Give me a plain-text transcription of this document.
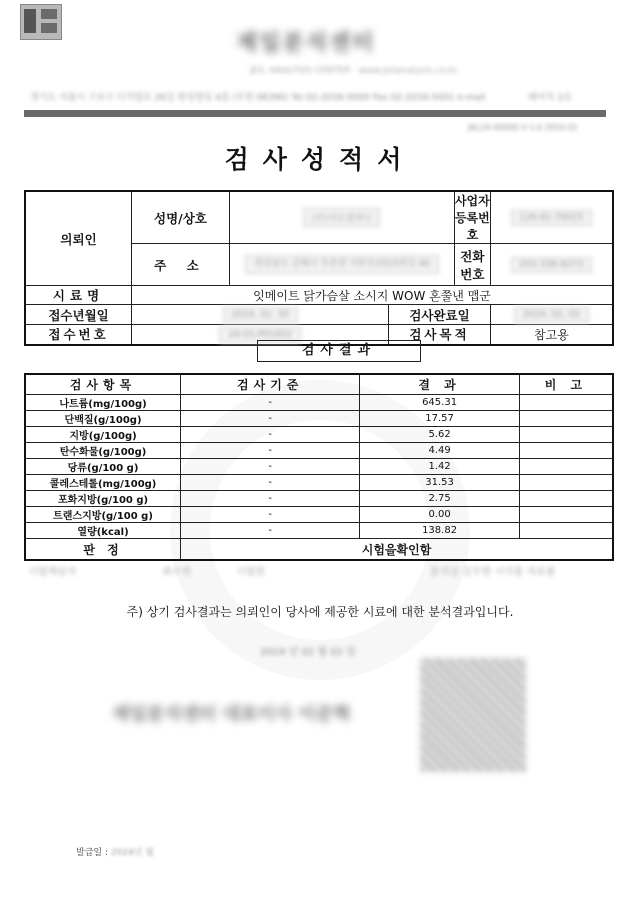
제일분석센터
JEIL ANALYSIS CENTER · www.jeilanalysis.co.kr
경기도 서울시 구로구 디지털로 26길 한성빌딩 4층 (우편 08390) Tel 02-2034-5000 Fax 02-2034-5001 e-mail	페이지 1/1
JAL24-00000 V 1.0 2024.02
검사성적서
의뢰인	성명/상호	(주)지오컴퍼니		사업자등록번호	126-81-76015
	주 소	경상남도 김해시 주촌면 서부로1515번길 40		전화번호	055-338-8273
시료명	잇메이트 닭가슴살 소시지 WOW 혼쭐낸 맵군				
접수년월일	2024. 01. 30		검사완료일		2024. 02. 02
접수번호	24-01-P01452		검사목적		참고용
검사결과
검사항목	검사기준	결 과	비 고
나트륨(mg/100g)	-	645.31	
단백질(g/100g)	-	17.57	
지방(g/100g)	-	5.62	
탄수화물(g/100g)	-	4.49	
당류(g/100 g)	-	1.42	
콜레스테롤(mg/100g)	-	31.53	
포화지방(g/100 g)	-	2.75	
트랜스지방(g/100 g)	-	0.00	
열량(kcal)	-	138.82	
판 정	시험을확인함		
시험책임자	최수연	시험원	분석실 김우현 시각품 자료봄
주) 상기 검사결과는 의뢰인이 당사에 제공한 시료에 대한 분석결과입니다.
2024 년 02 월 02 일
제일분석센터 대표이사 이준혁
발급일 : 2024년 월
